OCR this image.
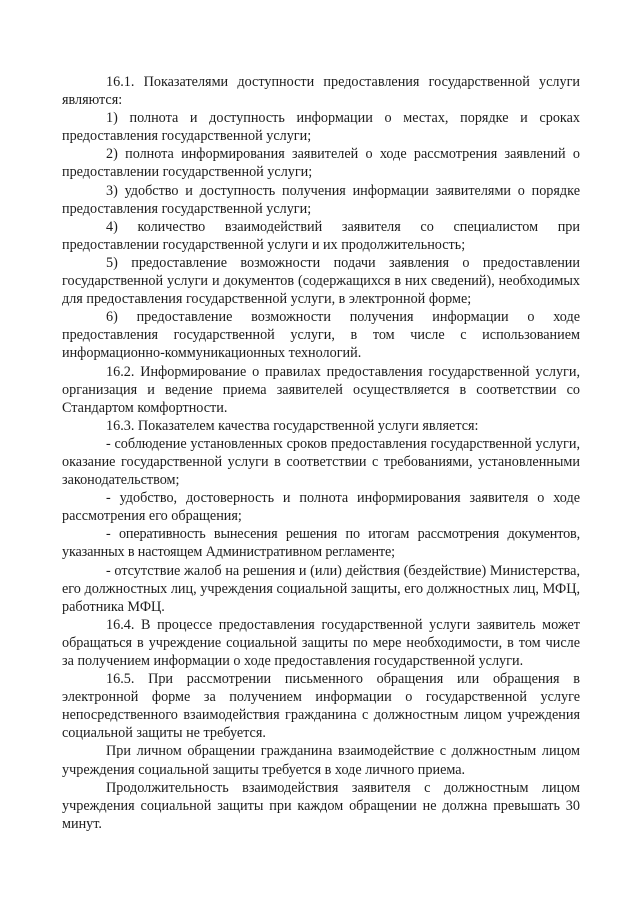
16.1. Показателями доступности предоставления государственной услуги являются:

1) полнота и доступность информации о местах, порядке и сроках предоставления государственной услуги;

2) полнота информирования заявителей о ходе рассмотрения заявлений о предоставлении государственной услуги;

3) удобство и доступность получения информации заявителями о порядке предоставления государственной услуги;

4) количество взаимодействий заявителя со специалистом при предоставлении государственной услуги и их продолжительность;

5) предоставление возможности подачи заявления о предоставлении государственной услуги и документов (содержащихся в них сведений), необходимых для предоставления государственной услуги, в электронной форме;

6) предоставление возможности получения информации о ходе предоставления государственной услуги, в том числе с использованием информационно-коммуникационных технологий.

16.2. Информирование о правилах предоставления государственной услуги, организация и ведение приема заявителей осуществляется в соответствии со Стандартом комфортности.

16.3. Показателем качества государственной услуги является:

- соблюдение установленных сроков предоставления государственной услуги, оказание государственной услуги в соответствии с требованиями, установленными законодательством;

- удобство, достоверность и полнота информирования заявителя о ходе рассмотрения его обращения;

- оперативность вынесения решения по итогам рассмотрения документов, указанных в настоящем Административном регламенте;

- отсутствие жалоб на решения и (или) действия (бездействие) Министерства, его должностных лиц, учреждения социальной защиты, его должностных лиц, МФЦ, работника МФЦ.

16.4. В процессе предоставления государственной услуги заявитель может обращаться в учреждение социальной защиты по мере необходимости, в том числе за получением информации о ходе предоставления государственной услуги.

16.5. При рассмотрении письменного обращения или обращения в электронной форме за получением информации о государственной услуге непосредственного взаимодействия гражданина с должностным лицом учреждения социальной защиты не требуется.

При личном обращении гражданина взаимодействие с должностным лицом учреждения социальной защиты требуется в ходе личного приема.

Продолжительность взаимодействия заявителя с должностным лицом учреждения социальной защиты при каждом обращении не должна превышать 30 минут.
